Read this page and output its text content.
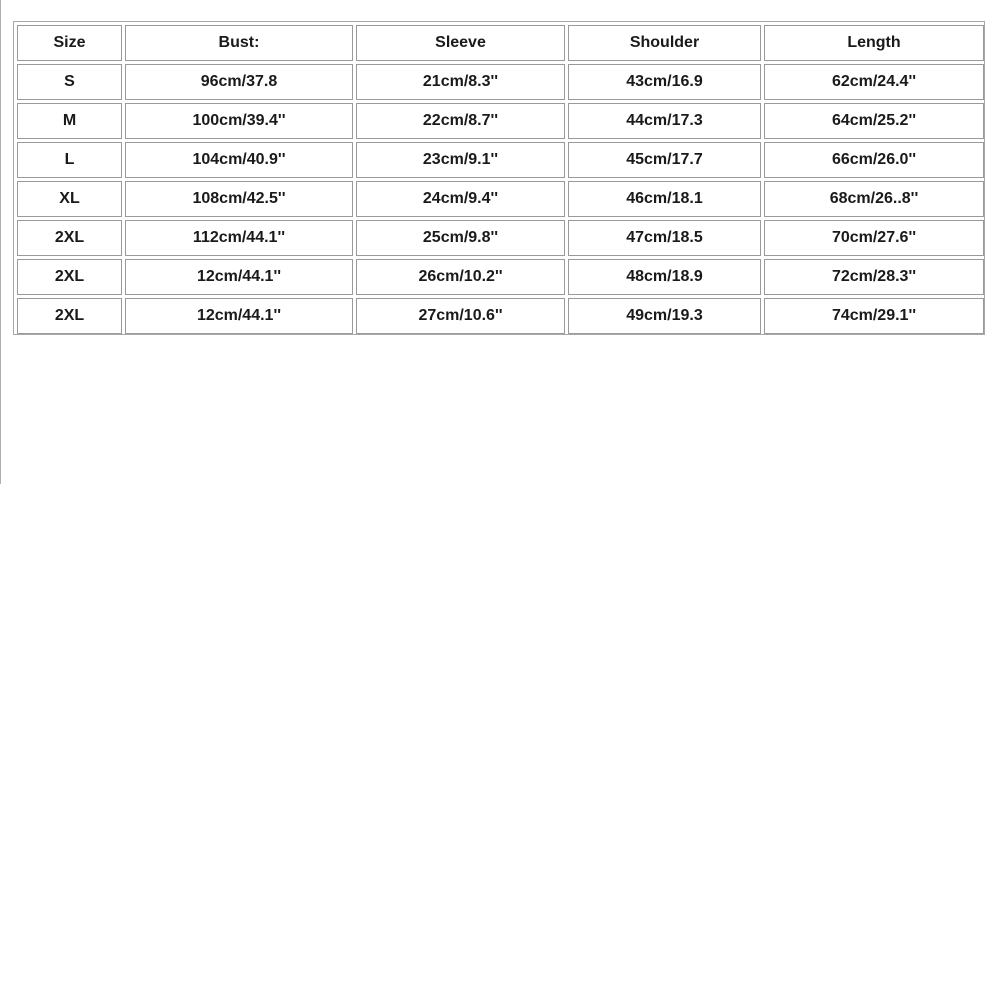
Size	Bust:	Sleeve	Shoulder	Length
S	96cm/37.8	21cm/8.3''	43cm/16.9	62cm/24.4''
M	100cm/39.4''	22cm/8.7''	44cm/17.3	64cm/25.2''
L	104cm/40.9''	23cm/9.1''	45cm/17.7	66cm/26.0''
XL	108cm/42.5''	24cm/9.4''	46cm/18.1	68cm/26..8''
2XL	112cm/44.1''	25cm/9.8''	47cm/18.5	70cm/27.6''
2XL	12cm/44.1''	26cm/10.2''	48cm/18.9	72cm/28.3''
2XL	12cm/44.1''	27cm/10.6''	49cm/19.3	74cm/29.1''
